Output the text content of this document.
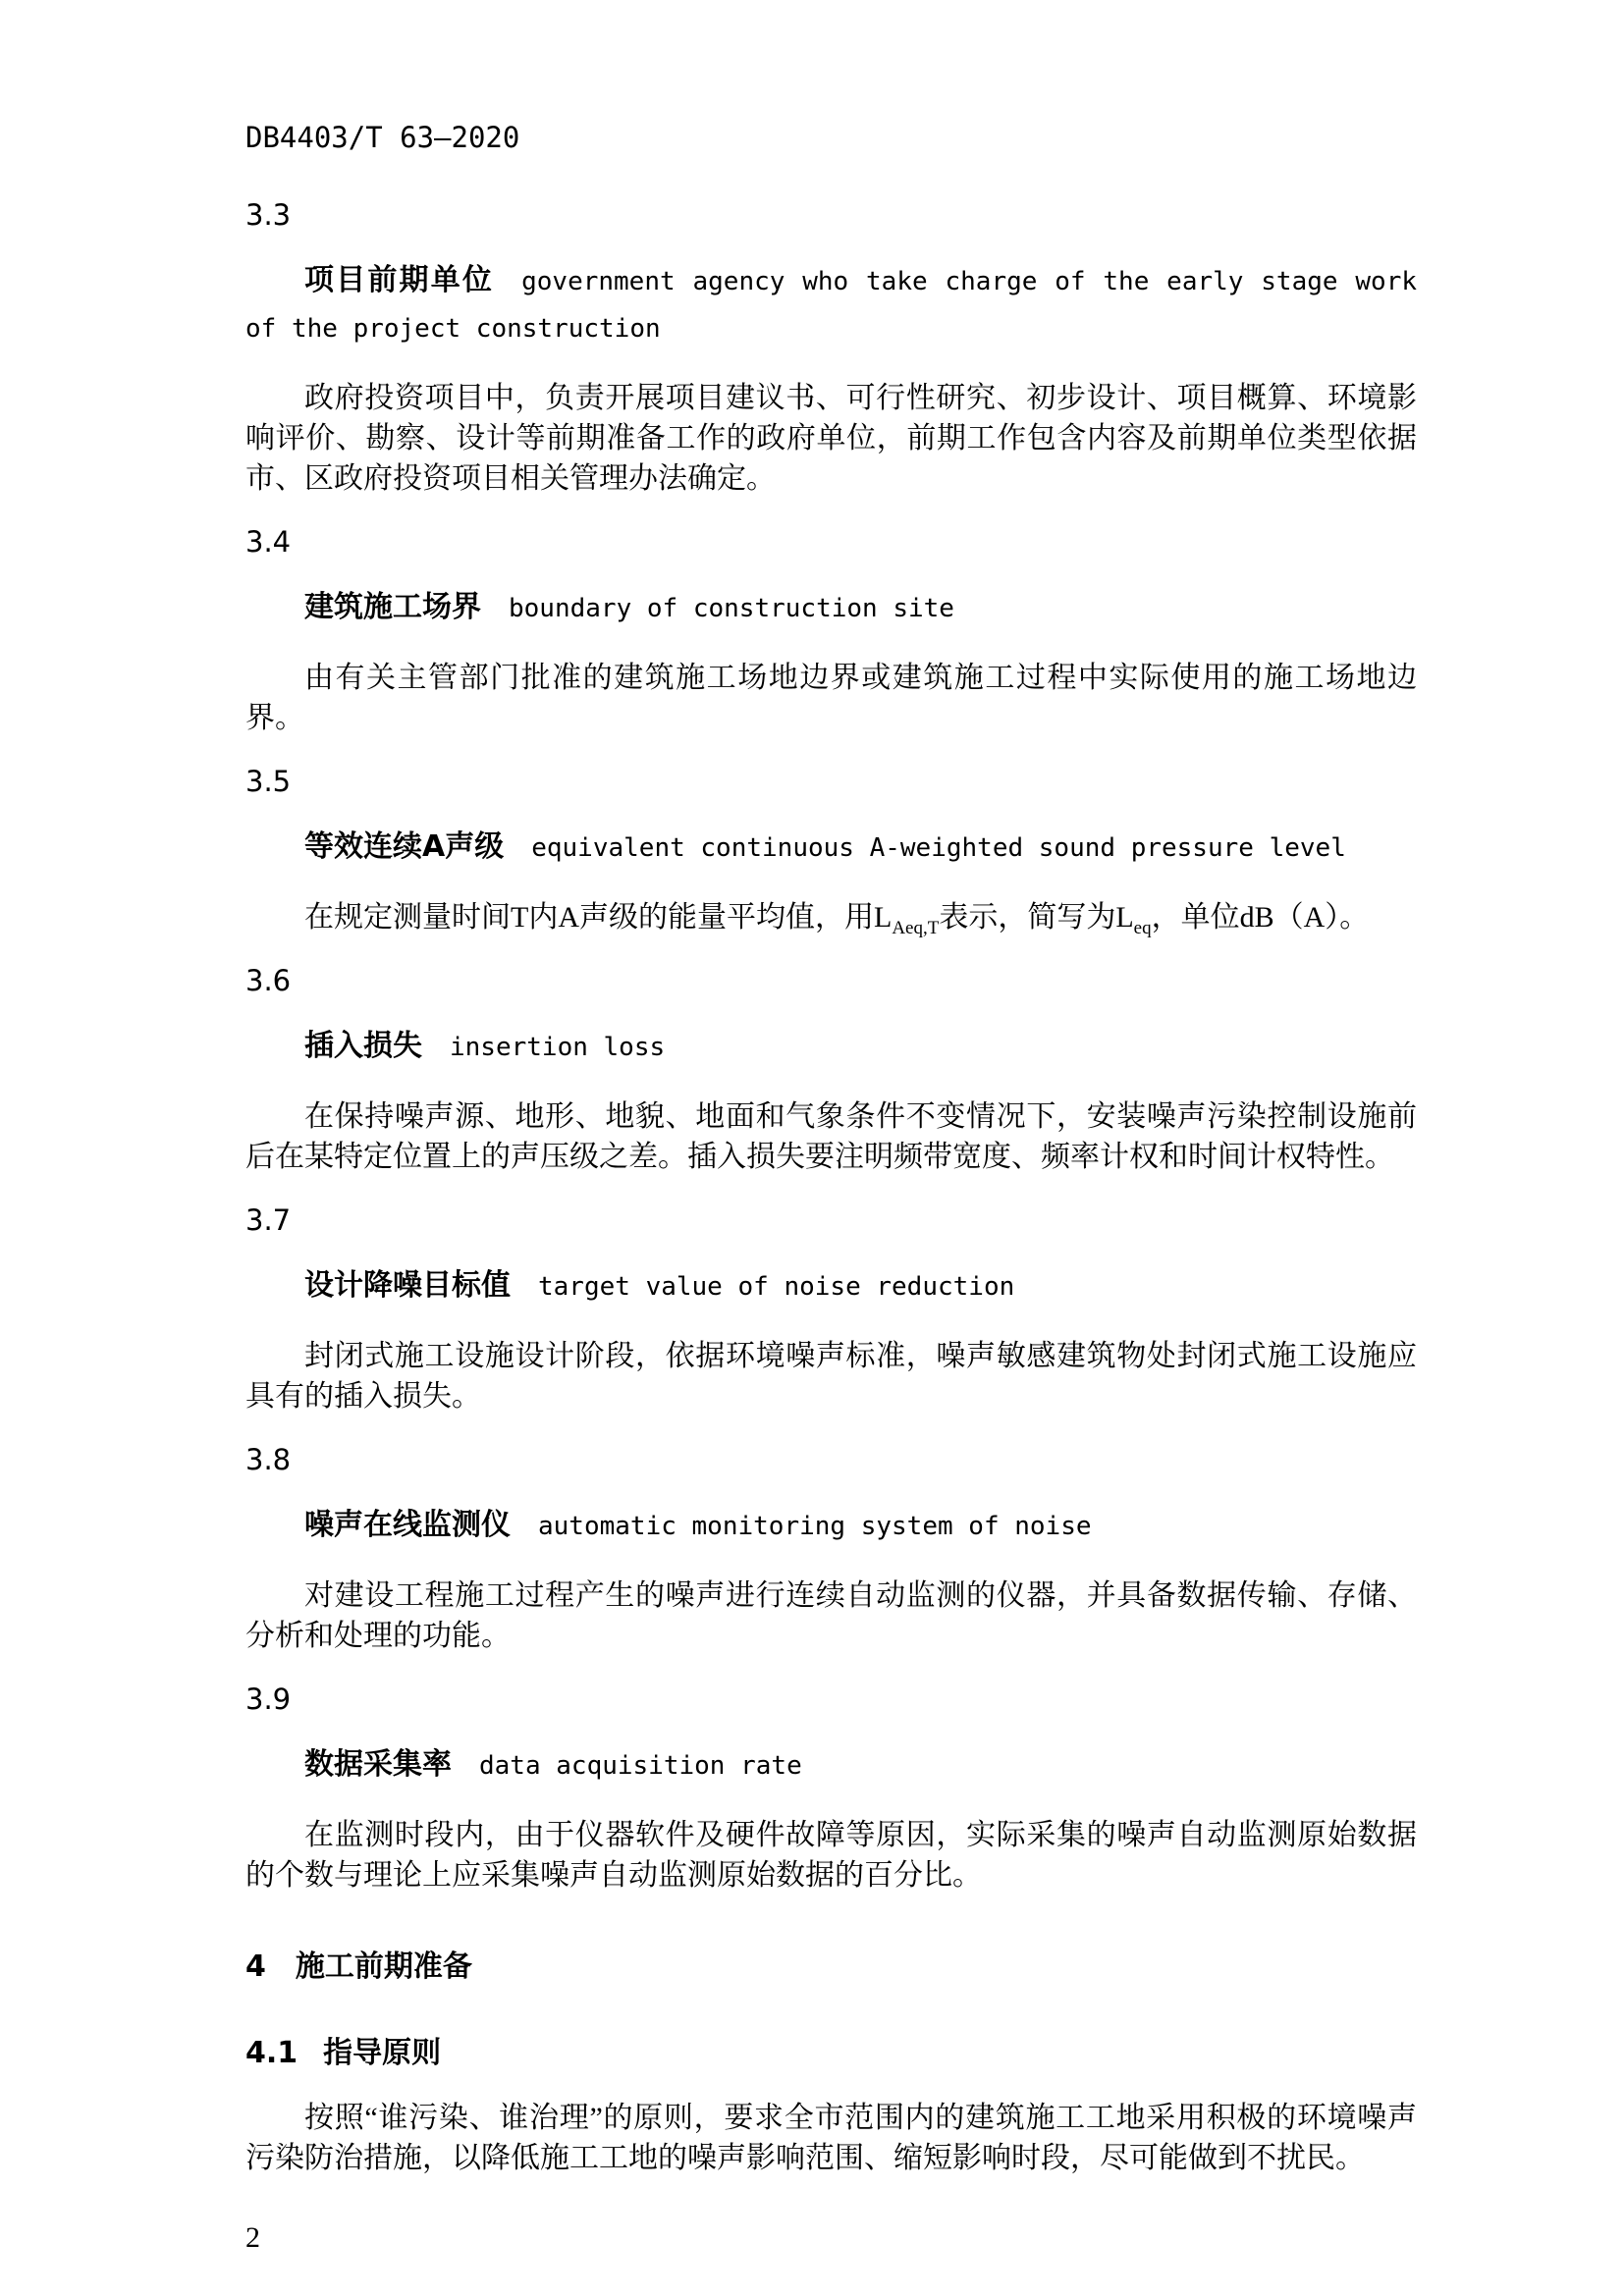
DB4403/T 63—2020
3.3

项目前期单位 government agency who take charge of the early stage work of the project construction

政府投资项目中，负责开展项目建议书、可行性研究、初步设计、项目概算、环境影响评价、勘察、设计等前期准备工作的政府单位，前期工作包含内容及前期单位类型依据市、区政府投资项目相关管理办法确定。

3.4

建筑施工场界 boundary of construction site

由有关主管部门批准的建筑施工场地边界或建筑施工过程中实际使用的施工场地边界。

3.5

等效连续A声级 equivalent continuous A-weighted sound pressure level

在规定测量时间T内A声级的能量平均值，用$L_{Aeq,T}$表示，简写为$L_{eq}$，单位dB（A）。

3.6

插入损失 insertion loss

在保持噪声源、地形、地貌、地面和气象条件不变情况下，安装噪声污染控制设施前后在某特定位置上的声压级之差。插入损失要注明频带宽度、频率计权和时间计权特性。

3.7

设计降噪目标值 target value of noise reduction

封闭式施工设施设计阶段，依据环境噪声标准，噪声敏感建筑物处封闭式施工设施应具有的插入损失。

3.8

噪声在线监测仪 automatic monitoring system of noise

对建设工程施工过程产生的噪声进行连续自动监测的仪器，并具备数据传输、存储、分析和处理的功能。

3.9

数据采集率 data acquisition rate

在监测时段内，由于仪器软件及硬件故障等原因，实际采集的噪声自动监测原始数据的个数与理论上应采集噪声自动监测原始数据的百分比。

4 施工前期准备
4.1 指导原则

按照“谁污染、谁治理”的原则，要求全市范围内的建筑施工工地采用积极的环境噪声污染防治措施，以降低施工工地的噪声影响范围、缩短影响时段，尽可能做到不扰民。

2
